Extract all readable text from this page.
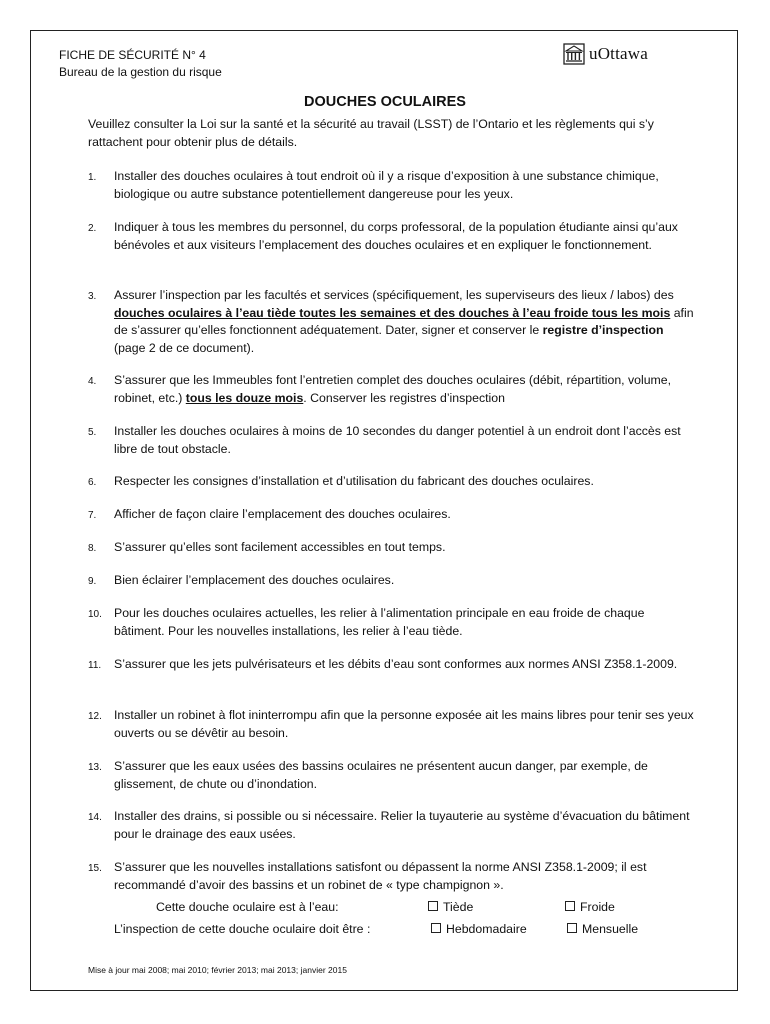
FICHE DE SÉCURITÉ N° 4
Bureau de la gestion du risque
uOttawa
DOUCHES OCULAIRES
Veuillez consulter la Loi sur la santé et la sécurité au travail (LSST) de l’Ontario et les règlements qui s’y rattachent pour obtenir plus de détails.
1. Installer des douches oculaires à tout endroit où il y a risque d’exposition à une substance chimique, biologique ou autre substance potentiellement dangereuse pour les yeux.
2. Indiquer à tous les membres du personnel, du corps professoral, de la population étudiante ainsi qu’aux bénévoles et aux visiteurs l’emplacement des douches oculaires et en expliquer le fonctionnement.
3. Assurer l’inspection par les facultés et services (spécifiquement, les superviseurs des lieux / labos) des douches oculaires à l’eau tiède toutes les semaines et des douches à l’eau froide tous les mois afin de s’assurer qu’elles fonctionnent adéquatement. Dater, signer et conserver le registre d’inspection (page 2 de ce document).
4. S’assurer que les Immeubles font l’entretien complet des douches oculaires (débit, répartition, volume, robinet, etc.) tous les douze mois. Conserver les registres d’inspection
5. Installer les douches oculaires à moins de 10 secondes du danger potentiel à un endroit dont l’accès est libre de tout obstacle.
6. Respecter les consignes d’installation et d’utilisation du fabricant des douches oculaires.
7. Afficher de façon claire l’emplacement des douches oculaires.
8. S’assurer qu’elles sont facilement accessibles en tout temps.
9. Bien éclairer l’emplacement des douches oculaires.
10. Pour les douches oculaires actuelles, les relier à l’alimentation principale en eau froide de chaque bâtiment. Pour les nouvelles installations, les relier à l’eau tiède.
11. S’assurer que les jets pulvérisateurs et les débits d’eau sont conformes aux normes ANSI Z358.1-2009.
12. Installer un robinet à flot ininterrompu afin que la personne exposée ait les mains libres pour tenir ses yeux ouverts ou se dévêtir au besoin.
13. S’assurer que les eaux usées des bassins oculaires ne présentent aucun danger, par exemple, de glissement, de chute ou d’inondation.
14. Installer des drains, si possible ou si nécessaire. Relier la tuyauterie au système d’évacuation du bâtiment pour le drainage des eaux usées.
15. S’assurer que les nouvelles installations satisfont ou dépassent la norme ANSI Z358.1-2009; il est recommandé d’avoir des bassins et un robinet de « type champignon ».
Cette douche oculaire est à l’eau:	Tiède	Froide
L’inspection de cette douche oculaire doit être :	Hebdomadaire	Mensuelle
Mise à jour mai 2008; mai 2010; février 2013; mai 2013; janvier 2015
